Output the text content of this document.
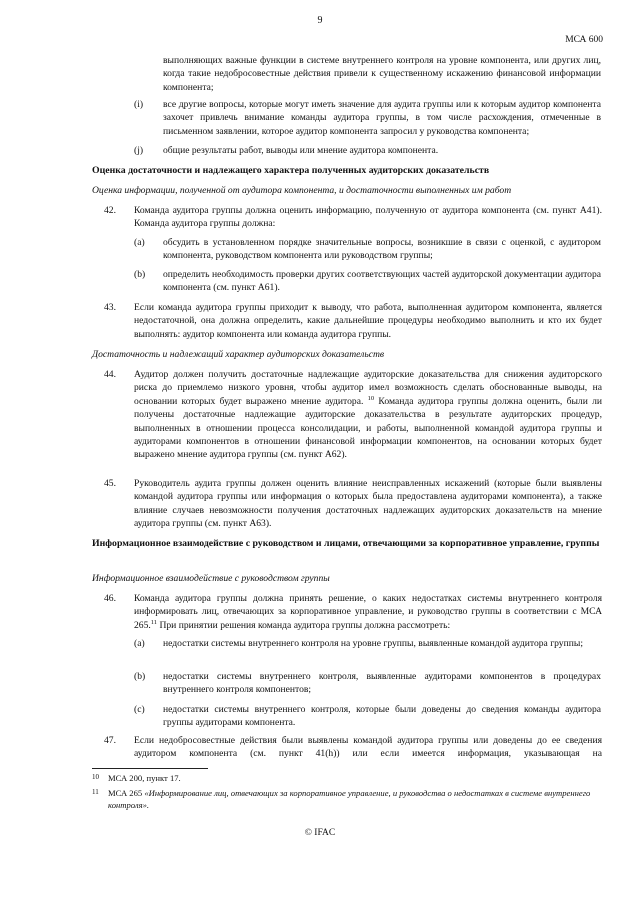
9
МСА 600
выполняющих важные функции в системе внутреннего контроля на уровне компонента, или других лиц, когда такие недобросовестные действия привели к существенному искажению финансовой информации компонента;
(i) все другие вопросы, которые могут иметь значение для аудита группы или к которым аудитор компонента захочет привлечь внимание команды аудитора группы, в том числе расхождения, отмеченные в письменном заявлении, которое аудитор компонента запросил у руководства компонента;
(j) общие результаты работ, выводы или мнение аудитора компонента.
Оценка достаточности и надлежащего характера полученных аудиторских доказательств
Оценка информации, полученной от аудитора компонента, и достаточности выполненных им работ
42. Команда аудитора группы должна оценить информацию, полученную от аудитора компонента (см. пункт А41). Команда аудитора группы должна:
(a) обсудить в установленном порядке значительные вопросы, возникшие в связи с оценкой, с аудитором компонента, руководством компонента или руководством группы;
(b) определить необходимость проверки других соответствующих частей аудиторской документации аудитора компонента (см. пункт А61).
43. Если команда аудитора группы приходит к выводу, что работа, выполненная аудитором компонента, является недостаточной, она должна определить, какие дальнейшие процедуры необходимо выполнить и кто их будет выполнять: аудитор компонента или команда аудитора группы.
Достаточность и надлежащий характер аудиторских доказательств
44. Аудитор должен получить достаточные надлежащие аудиторские доказательства для снижения аудиторского риска до приемлемо низкого уровня, чтобы аудитор имел возможность сделать обоснованные выводы, на основании которых будет выражено мнение аудитора. $^{10}$ Команда аудитора группы должна оценить, были ли получены достаточные надлежащие аудиторские доказательства в результате аудиторских процедур, выполненных в отношении процесса консолидации, и работы, выполненной командой аудитора группы и аудиторами компонентов в отношении финансовой информации компонентов, на основании которых будет выражено мнение аудитора группы (см. пункт А62).
45. Руководитель аудита группы должен оценить влияние неисправленных искажений (которые были выявлены командой аудитора группы или информация о которых была предоставлена аудиторами компонента), а также влияние случаев невозможности получения достаточных надлежащих аудиторских доказательств на мнение аудитора группы (см. пункт А63).
Информационное взаимодействие с руководством и лицами, отвечающими за корпоративное управление, группы
Информационное взаимодействие с руководством группы
46. Команда аудитора группы должна принять решение, о каких недостатках системы внутреннего контроля информировать лиц, отвечающих за корпоративное управление, и руководство группы в соответствии с МСА 265.11 При принятии решения команда аудитора группы должна рассмотреть:
(a) недостатки системы внутреннего контроля на уровне группы, выявленные командой аудитора группы;
(b) недостатки системы внутреннего контроля, выявленные аудиторами компонентов в процедурах внутреннего контроля компонентов;
(c) недостатки системы внутреннего контроля, которые были доведены до сведения команды аудитора группы аудиторами компонента.
47. Если недобросовестные действия были выявлены командой аудитора группы или доведены до ее сведения аудитором компонента (см. пункт 41(h)) или если имеется информация, указывающая на
10 МСА 200, пункт 17.
11 МСА 265 «Информирование лиц, отвечающих за корпоративное управление, и руководства о недостатках в системе внутреннего контроля».
© IFAC
